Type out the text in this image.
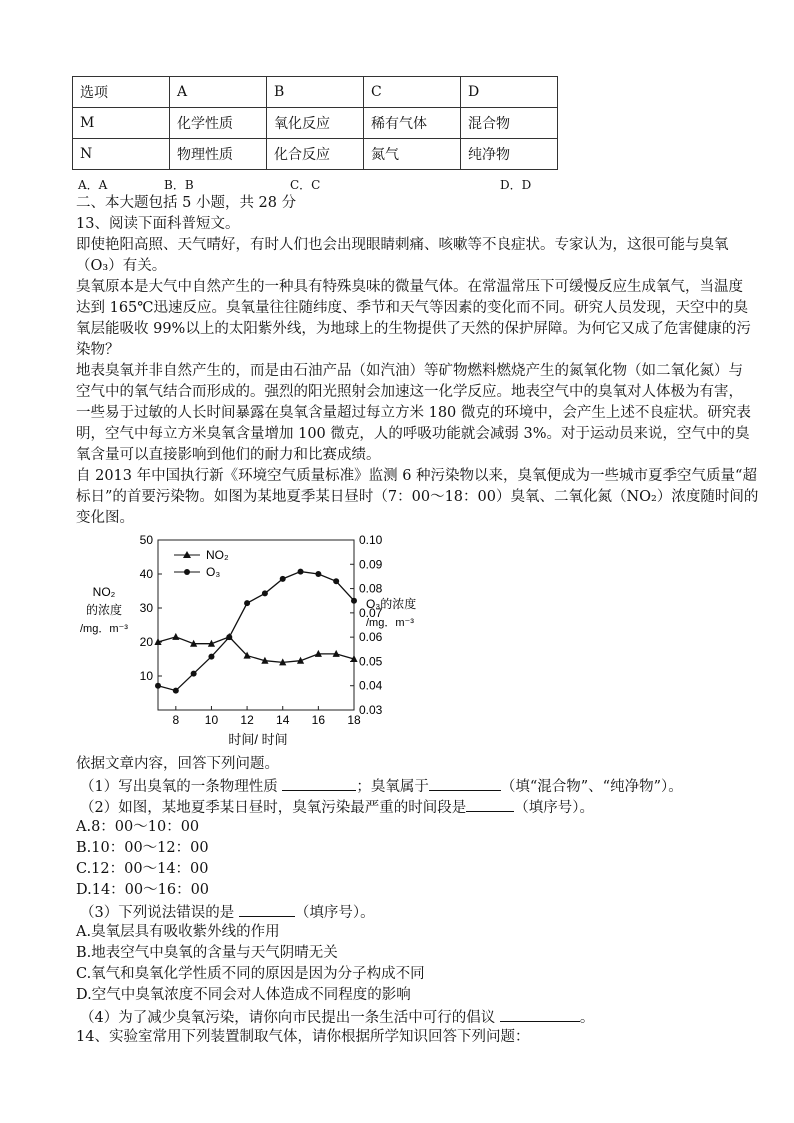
选项	A	B	C	D
M	化学性质	氧化反应	稀有气体	混合物
N	物理性质	化合反应	氮气	纯净物
A．A	B．B	C．C	D．D
二、本大题包括 5 小题，共 28 分
13、阅读下面科普短文。
即使艳阳高照、天气晴好，有时人们也会出现眼睛刺痛、咳嗽等不良症状。专家认为，这很可能与臭氧
（O₃）有关。
臭氧原本是大气中自然产生的一种具有特殊臭味的微量气体。在常温常压下可缓慢反应生成氧气，当温度
达到 165℃迅速反应。臭氧量往往随纬度、季节和天气等因素的变化而不同。研究人员发现，天空中的臭
氧层能吸收 99%以上的太阳紫外线，为地球上的生物提供了天然的保护屏障。为何它又成了危害健康的污
染物？
地表臭氧并非自然产生的，而是由石油产品（如汽油）等矿物燃料燃烧产生的氮氧化物（如二氧化氮）与
空气中的氧气结合而形成的。强烈的阳光照射会加速这一化学反应。地表空气中的臭氧对人体极为有害，
一些易于过敏的人长时间暴露在臭氧含量超过每立方米 180 微克的环境中，会产生上述不良症状。研究表
明，空气中每立方米臭氧含量增加 100 微克，人的呼吸功能就会减弱 3%。对于运动员来说，空气中的臭
氧含量可以直接影响到他们的耐力和比赛成绩。
自 2013 年中国执行新《环境空气质量标准》监测 6 种污染物以来，臭氧便成为一些城市夏季空气质量“超
标日”的首要污染物。如图为某地夏季某日昼时（7：00～18：00）臭氧、二氧化氮（NO₂）浓度随时间的
变化图。
10
20
30
40
50
0.03
0.04
0.05
0.06
0.07
0.08
0.09
0.10
8 10 12 14 16 18
NO₂
O₃
NO₂
的浓度
/mg．m⁻³
O₃的浓度
/mg．m⁻³
时间/ 时间
依据文章内容，回答下列问题。
（1）写出臭氧的一条物理性质	；臭氧属于	（填“混合物”、“纯净物”）。
（2）如图，某地夏季某日昼时，臭氧污染最严重的时间段是	（填序号）。
A.8：00～10：00
B.10：00～12：00
C.12：00～14：00
D.14：00～16：00
（3）下列说法错误的是	（填序号）。
A.臭氧层具有吸收紫外线的作用
B.地表空气中臭氧的含量与天气阴晴无关
C.氧气和臭氧化学性质不同的原因是因为分子构成不同
D.空气中臭氧浓度不同会对人体造成不同程度的影响
（4）为了减少臭氧污染，请你向市民提出一条生活中可行的倡议	。
14、实验室常用下列装置制取气体，请你根据所学知识回答下列问题：
